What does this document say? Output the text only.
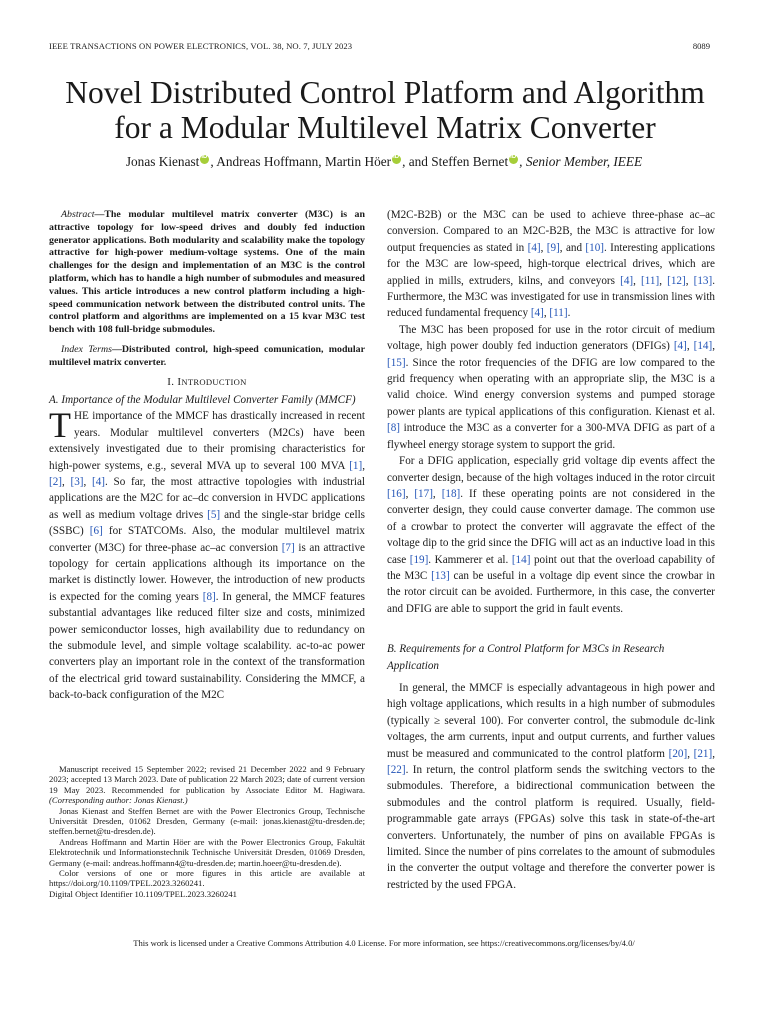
IEEE TRANSACTIONS ON POWER ELECTRONICS, VOL. 38, NO. 7, JULY 2023	8089
Novel Distributed Control Platform and Algorithm
for a Modular Multilevel Matrix Converter
Jonas Kienast iD , Andreas Hoffmann, Martin Höer iD , and Steffen Bernet iD , Senior Member, IEEE

Abstract—The modular multilevel matrix converter (M3C) is an attractive topology for low-speed drives and doubly fed induction generator applications. Both modularity and scalability make the topology attractive for high-power medium-voltage systems. One of the main challenges for the design and implementation of an M3C is the control platform, which has to handle a high number of submodules and measured values. This article introduces a new control platform including a high-speed communication network between the distributed control units. The control platform and algorithms are implemented on a 15 kvar M3C test bench with 108 full-bridge submodules.

Index Terms—Distributed control, high-speed comunication, modular multilevel matrix converter.

I. INTRODUCTION
A. Importance of the Modular Multilevel Converter Family (MMCF)

THE importance of the MMCF has drastically increased in recent years. Modular multilevel converters (M2Cs) have been extensively investigated due to their promising characteristics for high-power systems, e.g., several MVA up to several 100 MVA [1], [2], [3], [4]. So far, the most attractive topologies with industrial applications are the M2C for ac–dc conversion in HVDC applications as well as medium voltage drives [5] and the single-star bridge cells (SSBC) [6] for STATCOMs. Also, the modular multilevel matrix converter (M3C) for three-phase ac–ac conversion [7] is an attractive topology for certain applications although its importance on the market is distinctly lower. However, the introduction of new products is expected for the coming years [8]. In general, the MMCF features substantial advantages like reduced filter size and costs, minimized power semiconductor losses, high availability due to redundancy on the submodule level, and simple voltage scalability. ac-to-ac power converters play an important role in the context of the transformation of the electrical grid toward sustainability. Considering the MMCF, a back-to-back configuration of the M2C

Manuscript received 15 September 2022; revised 21 December 2022 and 9 February 2023; accepted 13 March 2023. Date of publication 22 March 2023; date of current version 19 May 2023. Recommended for publication by Associate Editor M. Hagiwara. (Corresponding author: Jonas Kienast.)

Jonas Kienast and Steffen Bernet are with the Power Electronics Group, Technische Universität Dresden, 01062 Dresden, Germany (e-mail: jonas.kienast@tu-dresden.de; steffen.bernet@tu-dresden.de).

Andreas Hoffmann and Martin Höer are with the Power Electronics Group, Fakultät Elektrotechnik und Informationstechnik Technische Universität Dresden, 01069 Dresden, Germany (e-mail: andreas.hoffmann4@tu-dresden.de; martin.hoeer@tu-dresden.de).

Color versions of one or more figures in this article are available at https://doi.org/10.1109/TPEL.2023.3260241.

Digital Object Identifier 10.1109/TPEL.2023.3260241

(M2C-B2B) or the M3C can be used to achieve three-phase ac–ac conversion. Compared to an M2C-B2B, the M3C is attractive for low output frequencies as stated in [4], [9], and [10]. Interesting applications for the M3C are low-speed, high-torque electrical drives, which are applied in mills, extruders, kilns, and conveyors [4], [11], [12], [13]. Furthermore, the M3C was investigated for use in transmission lines with reduced fundamental frequency [4], [11].

The M3C has been proposed for use in the rotor circuit of medium voltage, high power doubly fed induction generators (DFIGs) [4], [14], [15]. Since the rotor frequencies of the DFIG are low compared to the grid frequency when operating with an appropriate slip, the M3C is a valid choice. Wind energy conversion systems and pumped storage power plants are typical applications of this configuration. Kienast et al. [8] introduce the M3C as a converter for a 300-MVA DFIG as part of a flywheel energy storage system to support the grid.

For a DFIG application, especially grid voltage dip events affect the converter design, because of the high voltages induced in the rotor circuit [16], [17], [18]. If these operating points are not considered in the converter design, they could cause converter damage. The common use of a crowbar to protect the converter will aggravate the effect of the voltage dip to the grid since the DFIG will act as an inductive load in this case [19]. Kammerer et al. [14] point out that the overload capability of the M3C [13] can be useful in a voltage dip event since the crowbar in the rotor circuit can be avoided. Furthermore, in this case, the converter and DFIG are able to support the grid in fault events.

B. Requirements for a Control Platform for M3Cs in Research Application

In general, the MMCF is especially advantageous in high power and high voltage applications, which results in a high number of submodules (typically ≥ several 100). For converter control, the submodule dc-link voltages, the arm currents, input and output currents, and further values must be measured and communicated to the control platform [20], [21], [22]. In return, the control platform sends the switching vectors to the submodules. Therefore, a bidirectional communication between the submodules and the control platform is required. Usually, field-programmable gate arrays (FPGAs) solve this task in state-of-the-art converters. Unfortunately, the number of pins on available FPGAs is limited. Since the number of pins correlates to the amount of submodules in the converter the output voltage and therefore the converter power is restricted by the used FPGA.

This work is licensed under a Creative Commons Attribution 4.0 License. For more information, see https://creativecommons.org/licenses/by/4.0/
